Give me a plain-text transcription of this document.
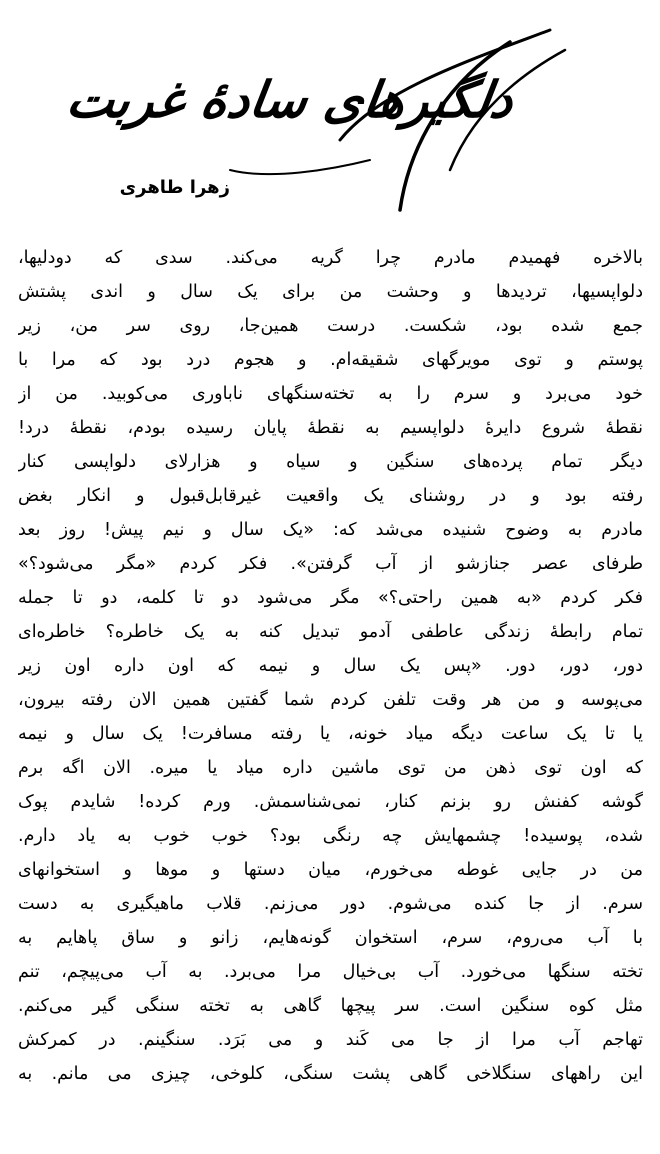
دلگیرهای سادهٔ غربت
زهرا طاهری
بالاخره فهمیدم مادرم چرا گریه می‌کند. سدی که دودلیها،
دلواپسیها، تردیدها و وحشت من برای یک سال و اندی پشتش
جمع شده بود، شکست. درست همین‌جا، روی سر من، زیر
پوستم و توی مویرگهای شقیقه‌ام. و هجوم درد بود که مرا با
خود می‌برد و سرم را به تخته‌سنگهای ناباوری می‌کوبید. من از
نقطهٔ شروع دایرهٔ دلواپسیم به نقطهٔ پایان رسیده بودم، نقطهٔ درد!
دیگر تمام پرده‌های سنگین و سیاه و هزارلای دلواپسی کنار
رفته بود و در روشنای یک واقعیت غیرقابل‌قبول و انکار بغض
مادرم به وضوح شنیده می‌شد که: «یک سال و نیم پیش! روز بعد
طرفای عصر جنازشو از آب گرفتن». فکر کردم «مگر می‌شود؟»
فکر کردم «به همین راحتی؟» مگر می‌شود دو تا کلمه، دو تا جمله
تمام رابطهٔ زندگی عاطفی آدمو تبدیل کنه به یک خاطره؟ خاطره‌ای
دور، دور، دور. «پس یک سال و نیمه که اون داره اون زیر
می‌پوسه و من هر وقت تلفن کردم شما گفتین همین الان رفته بیرون،
یا تا یک ساعت دیگه میاد خونه، یا رفته مسافرت! یک سال و نیمه
که اون توی ذهن من توی ماشین داره میاد یا میره. الان اگه برم
گوشه کفنش رو بزنم کنار، نمی‌شناسمش. ورم کرده! شایدم پوک
شده، پوسیده! چشمهایش چه رنگی بود؟ خوب خوب به یاد دارم.
من در جایی غوطه می‌خورم، میان دستها و موها و استخوانهای
سرم. از جا کنده می‌شوم. دور می‌زنم. قلاب ماهیگیری به دست
با آب می‌روم، سرم، استخوان گونه‌هایم، زانو و ساق پاهایم به
تخته سنگها می‌خورد. آب بی‌خیال مرا می‌برد. به آب می‌پیچم، تنم
مثل کوه سنگین است. سر پیچها گاهی به تخته سنگی گیر می‌کنم.
تهاجم آب مرا از جا می کَند و می بَرَد. سنگینم. در کمرکش
این راههای سنگلاخی گاهی پشت سنگی، کلوخی، چیزی می مانم. به
